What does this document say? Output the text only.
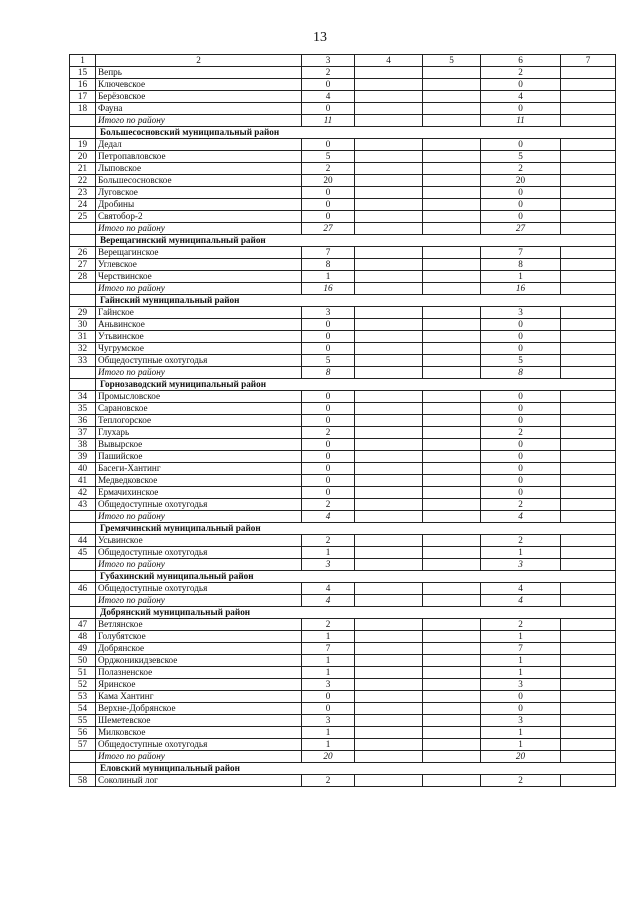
13
1	2	3	4	5	6	7
15	Вепрь	2			2	
16	Ключевское	0			0	
17	Берёзовское	4			4	
18	Фауна	0			0	
	Итого по району	11			11	
	Большесосновский муниципальный район					
19	Дедал	0			0	
20	Петропавловское	5			5	
21	Лыповское	2			2	
22	Большесосновское	20			20	
23	Луговское	0			0	
24	Дробины	0			0	
25	Святобор-2	0			0	
	Итого по району	27			27	
	Верещагинский муниципальный район					
26	Верещагинское	7			7	
27	Углевское	8			8	
28	Черствинское	1			1	
	Итого по району	16			16	
	Гайнский муниципальный район					
29	Гайнское	3			3	
30	Аньвинское	0			0	
31	Утьвинское	0			0	
32	Чугрумское	0			0	
33	Общедоступные охотугодья	5			5	
	Итого по району	8			8	
	Горнозаводский муниципальный район					
34	Промысловское	0			0	
35	Сарановское	0			0	
36	Теплогорское	0			0	
37	Глухарь	2			2	
38	Вывырское	0			0	
39	Пашийское	0			0	
40	Басеги-Хантинг	0			0	
41	Медведковское	0			0	
42	Ермачихинское	0			0	
43	Общедоступные охотугодья	2			2	
	Итого по району	4			4	
	Гремячинский муниципальный район					
44	Усьвинское	2			2	
45	Общедоступные охотугодья	1			1	
	Итого по району	3			3	
	Губахинский муниципальный район					
46	Общедоступные охотугодья	4			4	
	Итого по району	4			4	
	Добрянский муниципальный район					
47	Ветлянское	2			2	
48	Голубятское	1			1	
49	Добрянское	7			7	
50	Орджоникидзевское	1			1	
51	Полазненское	1			1	
52	Яринское	3			3	
53	Кама Хантинг	0			0	
54	Верхне-Добрянское	0			0	
55	Шеметевское	3			3	
56	Милковское	1			1	
57	Общедоступные охотугодья	1			1	
	Итого по району	20			20	
	Еловский муниципальный район					
58	Соколиный лог	2			2	
